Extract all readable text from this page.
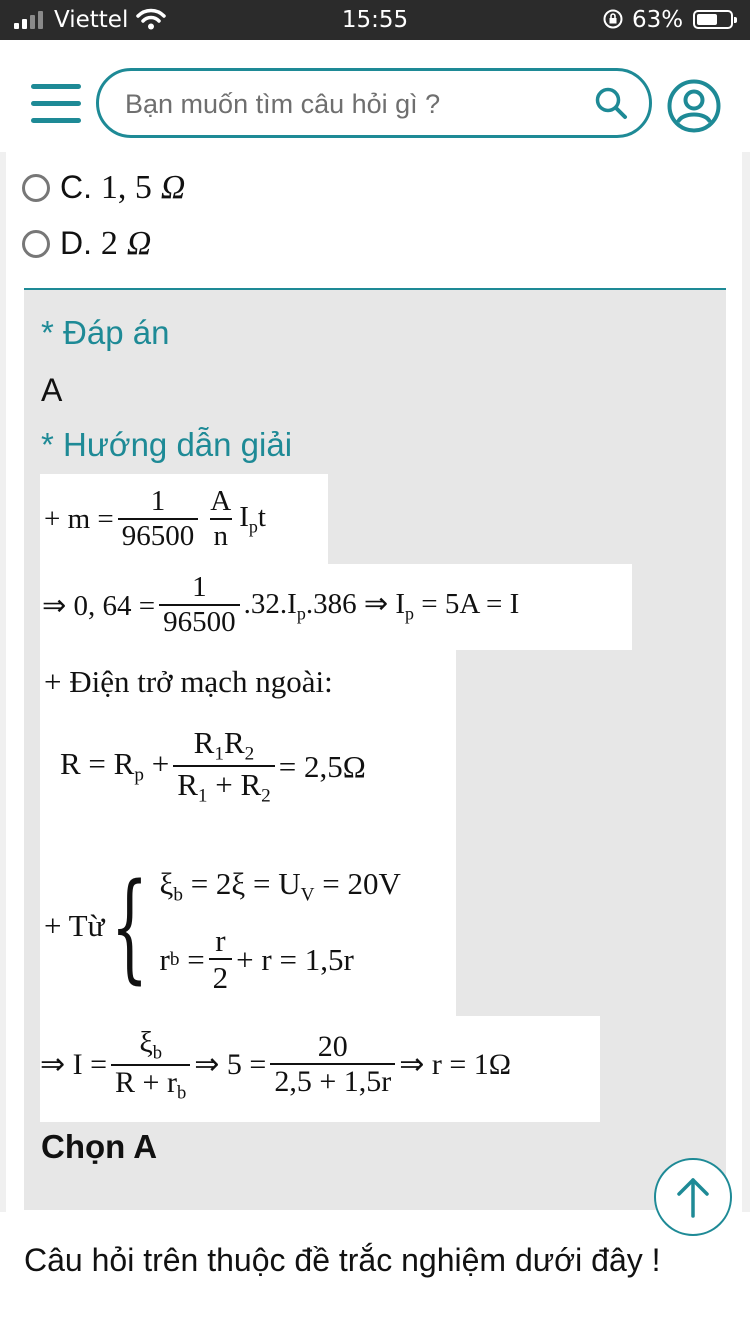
Viettel	15:55	63%
Bạn muốn tìm câu hỏi gì ?
C. 1, 5 Ω
D. 2 Ω
* Đáp án
A
* Hướng dẫn giải
Chọn A
+ $m = \frac{1}{96500} \frac{A}{n} I_pt$
⇒ 0, $64 = \frac{1}{96500} .32.I_p.386$ ⇒ $I_p = 5A = I$
+ Điện trở mạch ngoài:
$R = R_p + \frac{R_1R_2}{R_1 + R_2} = 2,5\Omega$
+ Từ { $\xi_b = 2\xi = U_V = 20V$
r b
= $\frac{r}{2} + r = 1,5r$
⇒ $I = \frac{\xi_b}{R + r_b}$ ⇒ $5 = \frac{20}{2,5 + 1,5r}$ ⇒ r = 1Ω
Câu hỏi trên thuộc đề trắc nghiệm dưới đây !
